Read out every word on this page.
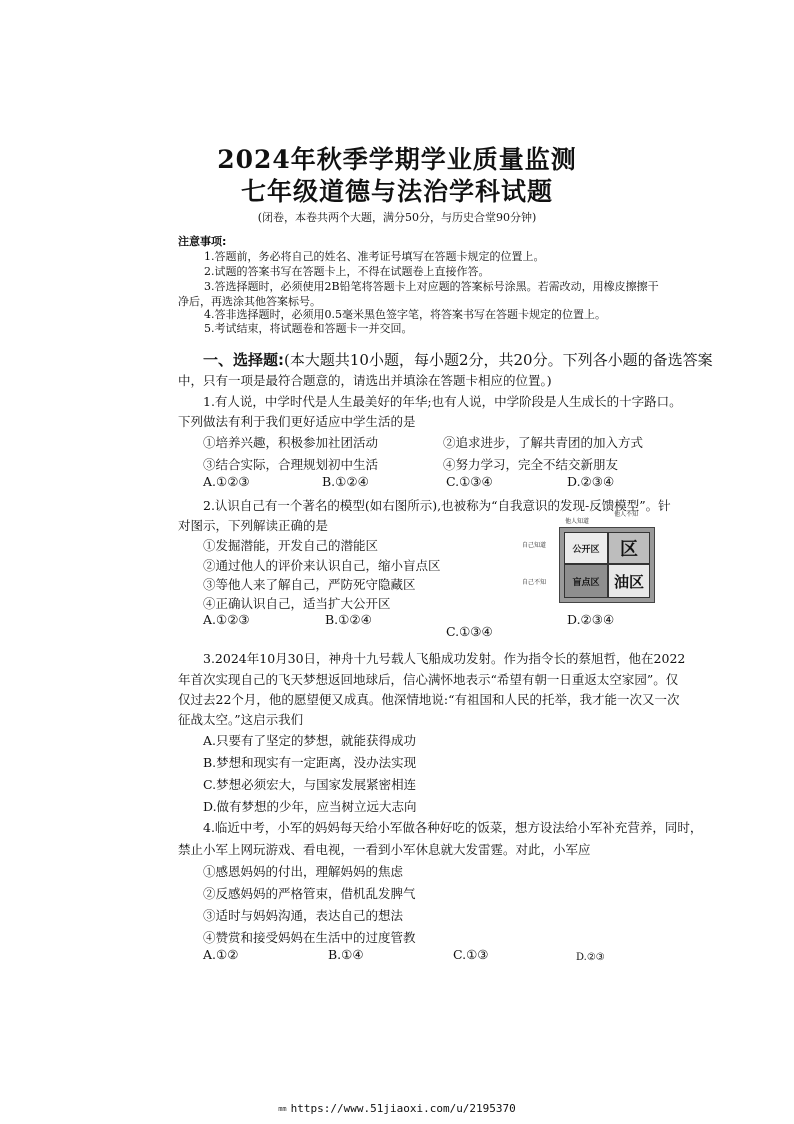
2024年秋季学期学业质量监测
七年级道德与法治学科试题
(闭卷，本卷共两个大题，满分50分，与历史合堂90分钟)
注意事项:
1.答题前，务必将自己的姓名、准考证号填写在答题卡规定的位置上。
2.试题的答案书写在答题卡上，不得在试题卷上直接作答。
3.答选择题时，必须使用2B铅笔将答题卡上对应题的答案标号涂黑。若需改动，用橡皮擦擦干
净后，再选涂其他答案标号。
4.答非选择题时，必须用0.5毫米黑色签字笔，将答案书写在答题卡规定的位置上。
5.考试结束，将试题卷和答题卡一并交回。
一、选择题:(本大题共10小题，每小题2分，共20分。下列各小题的备选答案
中，只有一项是最符合题意的，请选出并填涂在答题卡相应的位置。)
1.有人说，中学时代是人生最美好的年华;也有人说，中学阶段是人生成长的十字路口。
下列做法有利于我们更好适应中学生活的是
①培养兴趣，积极参加社团活动	②追求进步，了解共青团的加入方式
③结合实际，合理规划初中生活	④努力学习，完全不结交新朋友
A.①②③	B.①②④	C.①③④	D.②③④
2.认识自己有一个著名的模型(如右图所示),也被称为“自我意识的发现-反馈模型”。针
对图示，下列解读正确的是
①发掘潜能，开发自己的潜能区
②通过他人的评价来认识自己，缩小盲点区
③等他人来了解自己，严防死守隐藏区
④正确认识自己，适当扩大公开区
A.①②③	B.①②④
C.①③④
D.②③④
他人知道
他人不知
自己知道
自己不知
公开区	区
盲点区 油区
3.2024年10月30日，神舟十九号载人飞船成功发射。作为指令长的蔡旭哲，他在2022
年首次实现自己的飞天梦想返回地球后，信心满怀地表示“希望有朝一日重返太空家园”。仅
仅过去22个月，他的愿望便又成真。他深情地说:“有祖国和人民的托举，我才能一次又一次
征战太空。”这启示我们
A.只要有了坚定的梦想，就能获得成功
B.梦想和现实有一定距离，没办法实现
C.梦想必须宏大，与国家发展紧密相连
D.做有梦想的少年，应当树立远大志向
4.临近中考，小军的妈妈每天给小军做各种好吃的饭菜，想方设法给小军补充营养，同时，
禁止小军上网玩游戏、看电视，一看到小军休息就大发雷霆。对此，小军应
①感恩妈妈的付出，理解妈妈的焦虑
②反感妈妈的严格管束，借机乱发脾气
③适时与妈妈沟通，表达自己的想法
④赞赏和接受妈妈在生活中的过度管教
A.①②	B.①④	C.①③	D.②③
mm https://www.51jiaoxi.com/u/2195370
